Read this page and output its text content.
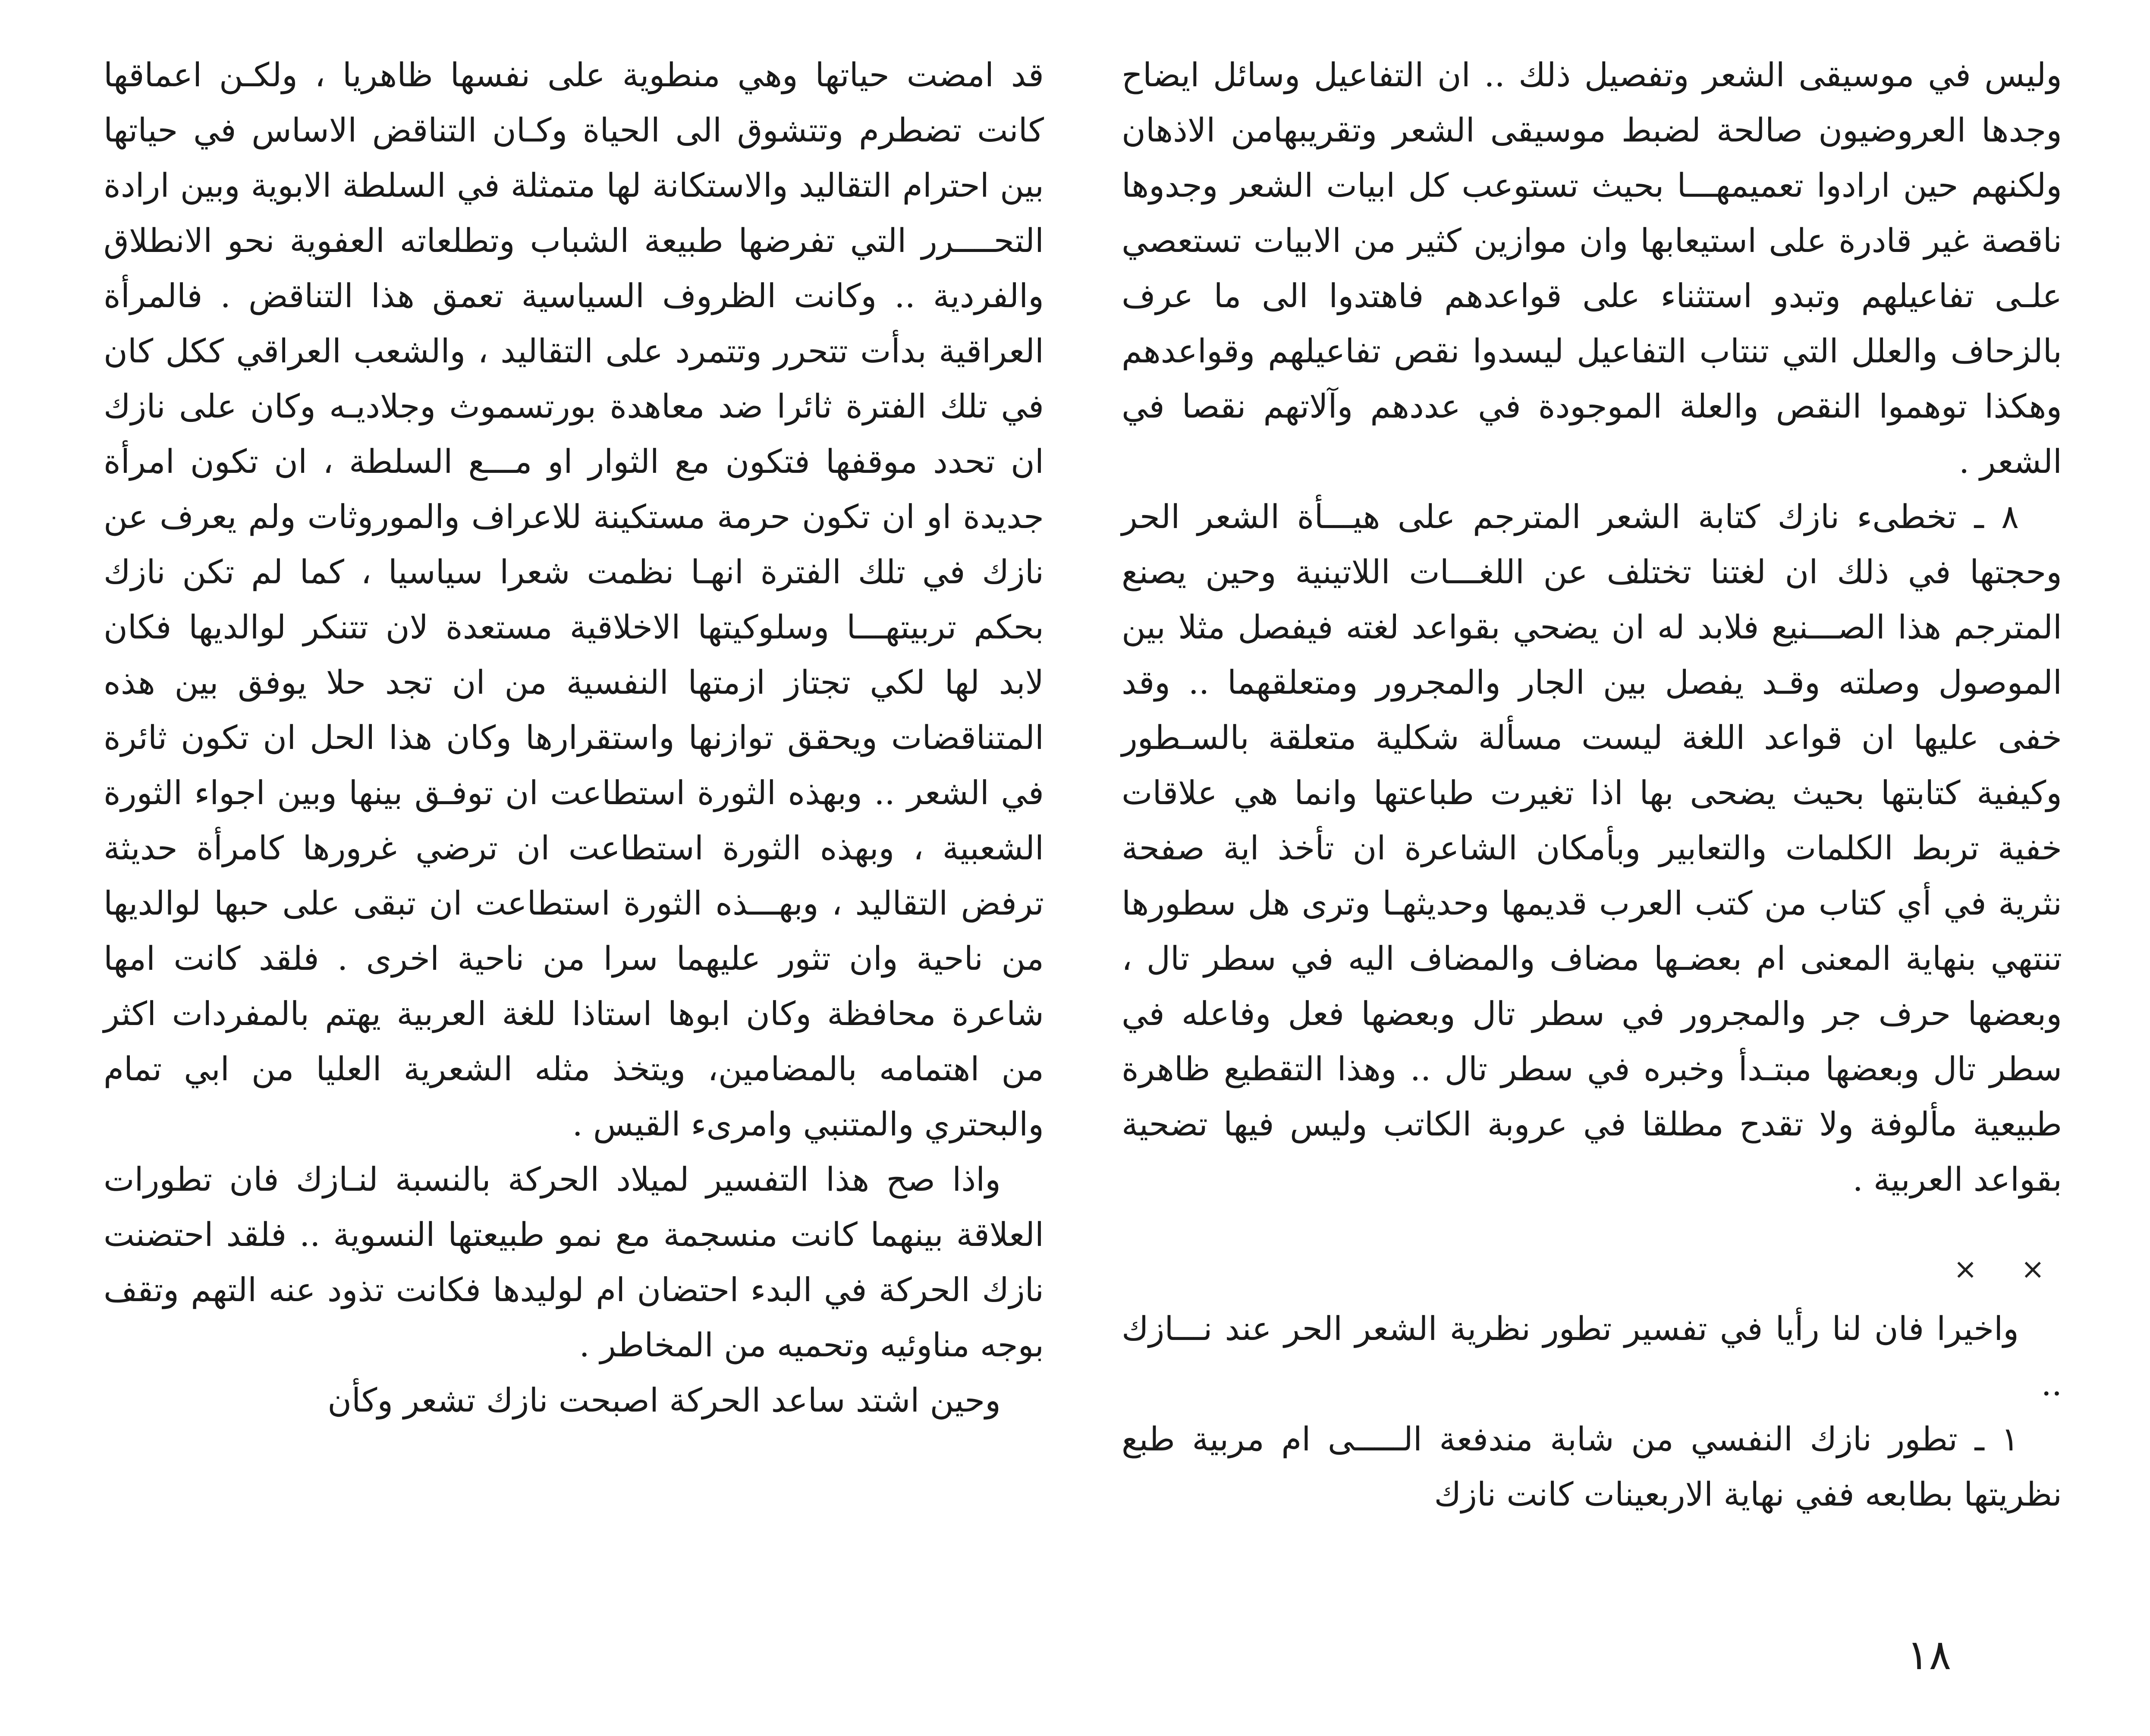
وليس في موسيقى الشعر وتفصيل ذلك .. ان التفاعيل وسائل ايضاح وجدها العروضيون صالحة لضبط موسيقى الشعر وتقريبهامن الاذهان ولكنهم حين ارادوا تعميمهـــا بحيث تستوعب كل ابيات الشعر وجدوها ناقصة غير قادرة على استيعابها وان موازين كثير من الابيات تستعصي علـى تفاعيلهم وتبدو استثناء على قواعدهم فاهتدوا الى ما عرف بالزحاف والعلل التي تنتاب التفاعيل ليسدوا نقص تفاعيلهم وقواعدهم وهكذا توهموا النقص والعلة الموجودة في عددهم وآلاتهم نقصا في الشعر .

٨ ـ تخطىء نازك كتابة الشعر المترجم على هيـــأة الشعر الحر وحجتها في ذلك ان لغتنا تختلف عن اللغـــات اللاتينية وحين يصنع المترجم هذا الصـــنيع فلابد له ان يضحي بقواعد لغته فيفصل مثلا بين الموصول وصلته وقـد يفصل بين الجار والمجرور ومتعلقهما .. وقد خفى عليها ان قواعد اللغة ليست مسألة شكلية متعلقة بالسـطور وكيفية كتابتها بحيث يضحى بها اذا تغيرت طباعتها وانما هي علاقات خفية تربط الكلمات والتعابير وبأمكان الشاعرة ان تأخذ اية صفحة نثرية في أي كتاب من كتب العرب قديمها وحديثهـا وترى هل سطورها تنتهي بنهاية المعنى ام بعضـها مضاف والمضاف اليه في سطر تال ، وبعضها حرف جر والمجرور في سطر تال وبعضها فعل وفاعله في سطر تال وبعضها مبتـدأ وخبره في سطر تال .. وهذا التقطيع ظاهرة طبيعية مألوفة ولا تقدح مطلقا في عروبة الكاتب وليس فيها تضحية بقواعد العربية .

× ×

واخيرا فان لنا رأيا في تفسير تطور نظرية الشعر الحر عند نـــازك ..

١ ـ تطور نازك النفسي من شابة مندفعة الـــــى ام مربية طبع نظريتها بطابعه ففي نهاية الاربعينات كانت نازك

قد امضت حياتها وهي منطوية على نفسها ظاهريا ، ولكـن اعماقها كانت تضطرم وتتشوق الى الحياة وكـان التناقض الاساس في حياتها بين احترام التقاليد والاستكانة لها متمثلة في السلطة الابوية وبين ارادة التحــــرر التي تفرضها طبيعة الشباب وتطلعاته العفوية نحو الانطلاق والفردية .. وكانت الظروف السياسية تعمق هذا التناقض . فالمرأة العراقية بدأت تتحرر وتتمرد على التقاليد ، والشعب العراقي ككل كان في تلك الفترة ثائرا ضد معاهدة بورتسموث وجلاديـه وكان على نازك ان تحدد موقفها فتكون مع الثوار او مـــع السلطة ، ان تكون امرأة جديدة او ان تكون حرمة مستكينة للاعراف والموروثات ولم يعرف عن نازك في تلك الفترة انهـا نظمت شعرا سياسيا ، كما لم تكن نازك بحكم تربيتهـــا وسلوكيتها الاخلاقية مستعدة لان تتنكر لوالديها فكان لابد لها لكي تجتاز ازمتها النفسية من ان تجد حلا يوفق بين هذه المتناقضات ويحقق توازنها واستقرارها وكان هذا الحل ان تكون ثائرة في الشعر .. وبهذه الثورة استطاعت ان توفـق بينها وبين اجواء الثورة الشعبية ، وبهذه الثورة استطاعت ان ترضي غرورها كامرأة حديثة ترفض التقاليد ، وبهـــذه الثورة استطاعت ان تبقى على حبها لوالديها من ناحية وان تثور عليهما سرا من ناحية اخرى . فلقد كانت امها شاعرة محافظة وكان ابوها استاذا للغة العربية يهتم بالمفردات اكثر من اهتمامه بالمضامين، ويتخذ مثله الشعرية العليا من ابي تمام والبحتري والمتنبي وامرىء القيس .

واذا صح هذا التفسير لميلاد الحركة بالنسبة لنـازك فان تطورات العلاقة بينهما كانت منسجمة مع نمو طبيعتها النسوية .. فلقد احتضنت نازك الحركة في البدء احتضان ام لوليدها فكانت تذود عنه التهم وتقف بوجه مناوئيه وتحميه من المخاطر .

وحين اشتد ساعد الحركة اصبحت نازك تشعر وكأن

١٨
